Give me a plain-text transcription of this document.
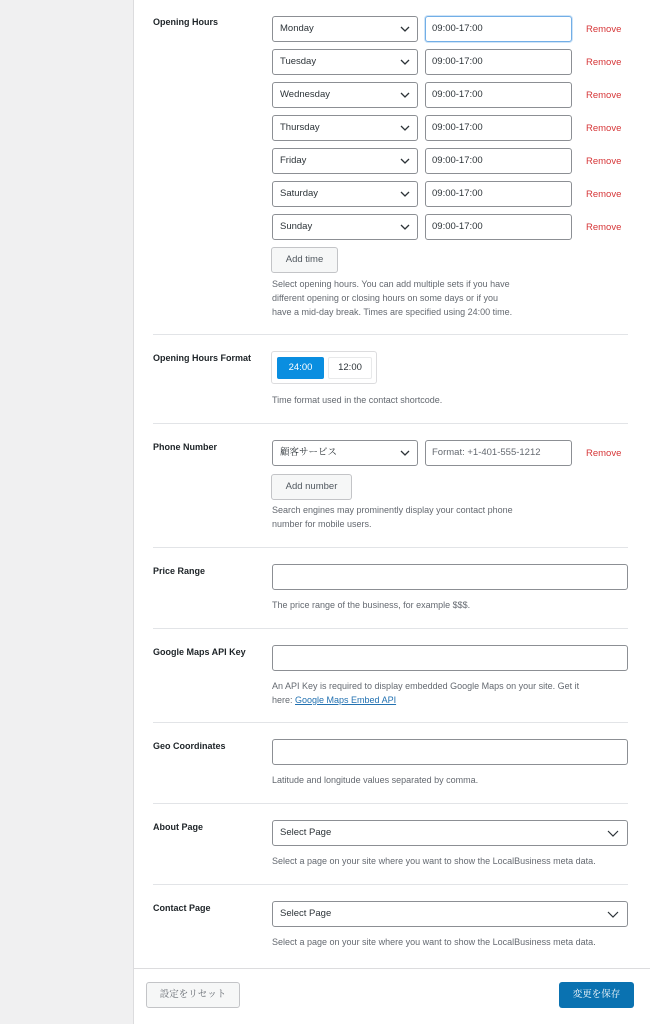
Opening Hours
Monday	09:00-17:00	Remove
Tuesday	09:00-17:00	Remove
Wednesday	09:00-17:00	Remove
Thursday	09:00-17:00	Remove
Friday	09:00-17:00	Remove
Saturday	09:00-17:00	Remove
Sunday	09:00-17:00	Remove
Add time
Select opening hours. You can add multiple sets if you have
different opening or closing hours on some days or if you
have a mid-day break. Times are specified using 24:00 time.
Opening Hours Format
24:00	12:00
Time format used in the contact shortcode.
Phone Number	顧客サービス	Format: +1-401-555-1212	Remove
Add number
Search engines may prominently display your contact phone
number for mobile users.
Price Range
The price range of the business, for example $$$.
Google Maps API Key
An API Key is required to display embedded Google Maps on your site. Get it
here: Google Maps Embed API
Geo Coordinates
Latitude and longitude values separated by comma.
About Page	Select Page
Select a page on your site where you want to show the LocalBusiness meta data.
Contact Page	Select Page
Select a page on your site where you want to show the LocalBusiness meta data.
設定をリセット	変更を保存
